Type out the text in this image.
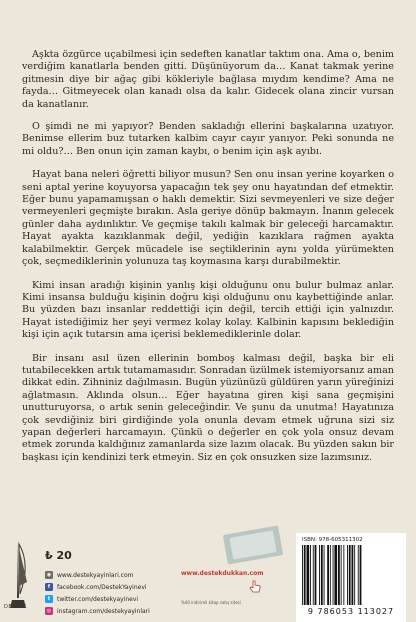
Aşkta özgürce uçabilmesi için sedeften kanatlar taktım ona. Ama o, benim verdiğim kanatlarla benden gitti. Düşünüyorum da… Kanat takmak yerine gitmesin diye bir ağaç gibi kökleriyle bağlasa mıydım kendime? Ama ne fayda… Gitmeyecek olan kanadı olsa da kalır. Gidecek olana zincir vursan da kanatlanır.

O şimdi ne mi yapıyor? Benden sakladığı ellerini başkalarına uzatıyor. Benimse ellerim buz tutarken kalbim cayır cayır yanıyor. Peki sonunda ne mi oldu?… Ben onun için zaman kaybı, o benim için aşk ayıbı.

Hayat bana neleri öğretti biliyor musun? Sen onu insan yerine koyarken o seni aptal yerine koyuyorsa yapacağın tek şey onu hayatından def etmektir. Eğer bunu yapamamışsan o haklı demektir. Sizi sevmeyenleri ve size değer vermeyenleri geçmişte bırakın. Asla geriye dönüp bakmayın. İnanın gelecek günler daha aydınlıktır. Ve geçmişe takılı kalmak bir geleceği harcamaktır. Hayat ayakta kazıklanmak değil, yediğin kazıklara rağmen ayakta kalabilmektir. Gerçek mücadele ise seçtiklerinin aynı yolda yürümekten çok, seçmediklerinin yolunuza taş koymasına karşı durabilmektir.

Kimi insan aradığı kişinin yanlış kişi olduğunu onu bulur bulmaz anlar. Kimi insansa bulduğu kişinin doğru kişi olduğunu onu kaybettiğinde anlar. Bu yüzden bazı insanlar reddettiği için değil, tercih ettiği için yalnızdır. Hayat istediğimiz her şeyi vermez kolay kolay. Kalbinin kapısını beklediğin kişi için açık tutarsın ama içerisi beklemediklerinle dolar.

Bir insanı asıl üzen ellerinin bomboş kalması değil, başka bir eli tutabilecekken artık tutamamasıdır. Sonradan üzülmek istemiyorsanız aman dikkat edin. Zihniniz dağılmasın. Bugün yüzünüzü güldüren yarın yüreğinizi ağlatmasın. Aklında olsun… Eğer hayatına giren kişi sana geçmişini unutturuyorsa, o artık senin geleceğindir. Ve şunu da unutma! Hayatınıza çok sevdiğiniz biri girdiğinde yola onunla devam etmek uğruna sizi siz yapan değerleri harcamayın. Çünkü o değerler en çok yola onsuz devam etmek zorunda kaldığınız zamanlarda size lazım olacak. Bu yüzden sakın bir başkası için kendinizi terk etmeyin. Siz en çok onsuzken size lazımsınız.

DESTEK
₺ 20
◉ www.destekyayinlari.com
f	facebook.com/DestekYayinevi
t	twitter.com/destekyayinevi
◎ instagram.com/destekyayinlari
www.destekdukkan.com
%40 indirimli kitap satış sitesi
ISBN: 978-605311302
9 786053 113027
